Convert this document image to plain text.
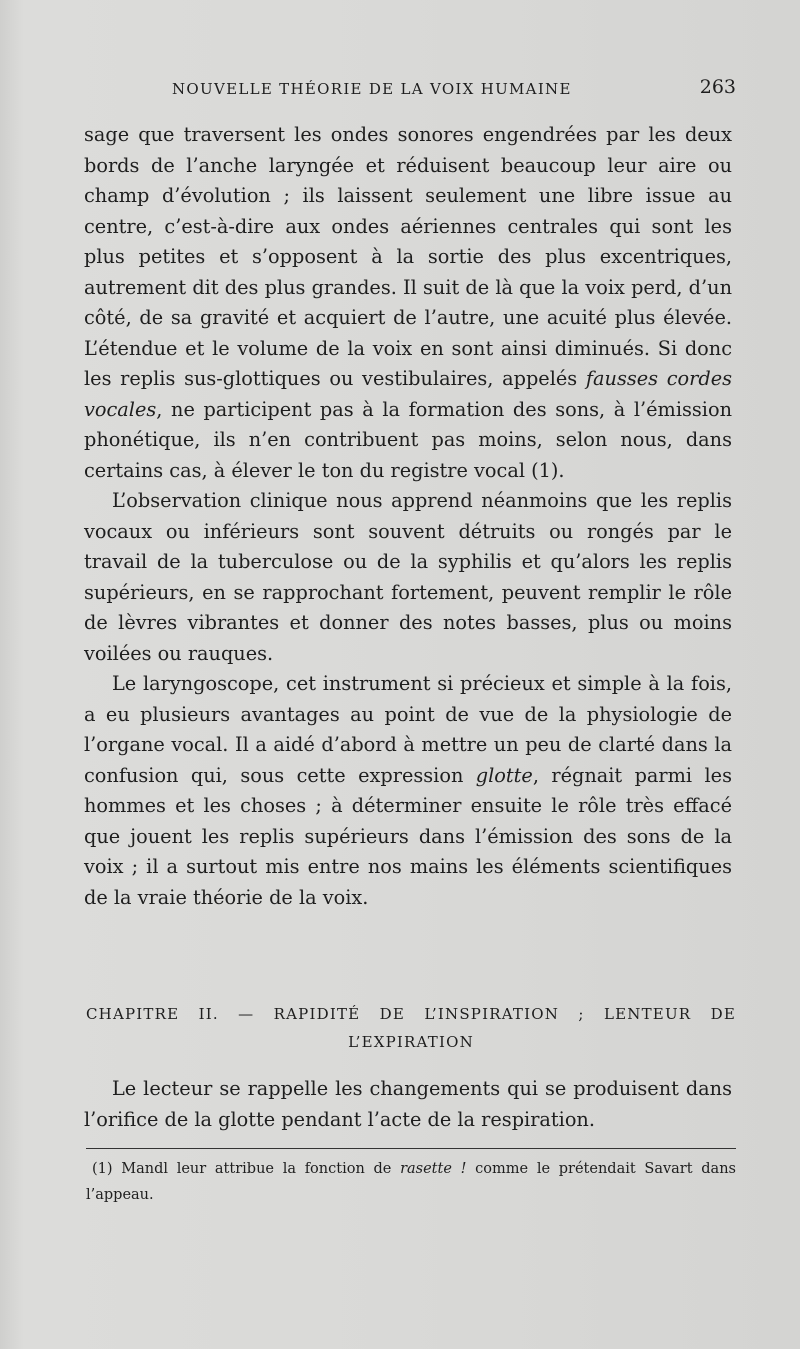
NOUVELLE THÉORIE DE LA VOIX HUMAINE	263

sage que traversent les ondes sonores engendrées par les deux bords de l’anche laryngée et réduisent beaucoup leur aire ou champ d’évolution ; ils laissent seulement une libre issue au centre, c’est-à-dire aux ondes aériennes centrales qui sont les plus petites et s’opposent à la sortie des plus excentriques, autrement dit des plus grandes. Il suit de là que la voix perd, d’un côté, de sa gravité et acquiert de l’autre, une acuité plus élevée. L’étendue et le volume de la voix en sont ainsi diminués. Si donc les replis sus-glottiques ou vestibulaires, appelés fausses cordes vocales, ne participent pas à la formation des sons, à l’émission phonétique, ils n’en contribuent pas moins, selon nous, dans certains cas, à élever le ton du registre vocal (1).

L’observation clinique nous apprend néanmoins que les replis vocaux ou inférieurs sont souvent détruits ou rongés par le travail de la tuberculose ou de la syphilis et qu’alors les replis supérieurs, en se rapprochant fortement, peuvent remplir le rôle de lèvres vibrantes et donner des notes basses, plus ou moins voilées ou rauques.

Le laryngoscope, cet instrument si précieux et simple à la fois, a eu plusieurs avantages au point de vue de la physiologie de l’organe vocal. Il a aidé d’abord à mettre un peu de clarté dans la confusion qui, sous cette expression glotte, régnait parmi les hommes et les choses ; à déterminer ensuite le rôle très effacé que jouent les replis supérieurs dans l’émission des sons de la voix ; il a surtout mis entre nos mains les éléments scientifiques de la vraie théorie de la voix.

CHAPITRE II. — RAPIDITÉ DE L’INSPIRATION ; LENTEUR DE
L’EXPIRATION

Le lecteur se rappelle les changements qui se produisent dans l’orifice de la glotte pendant l’acte de la respiration.

(1) Mandl leur attribue la fonction de rasette ! comme le prétendait Savart dans l’appeau.
